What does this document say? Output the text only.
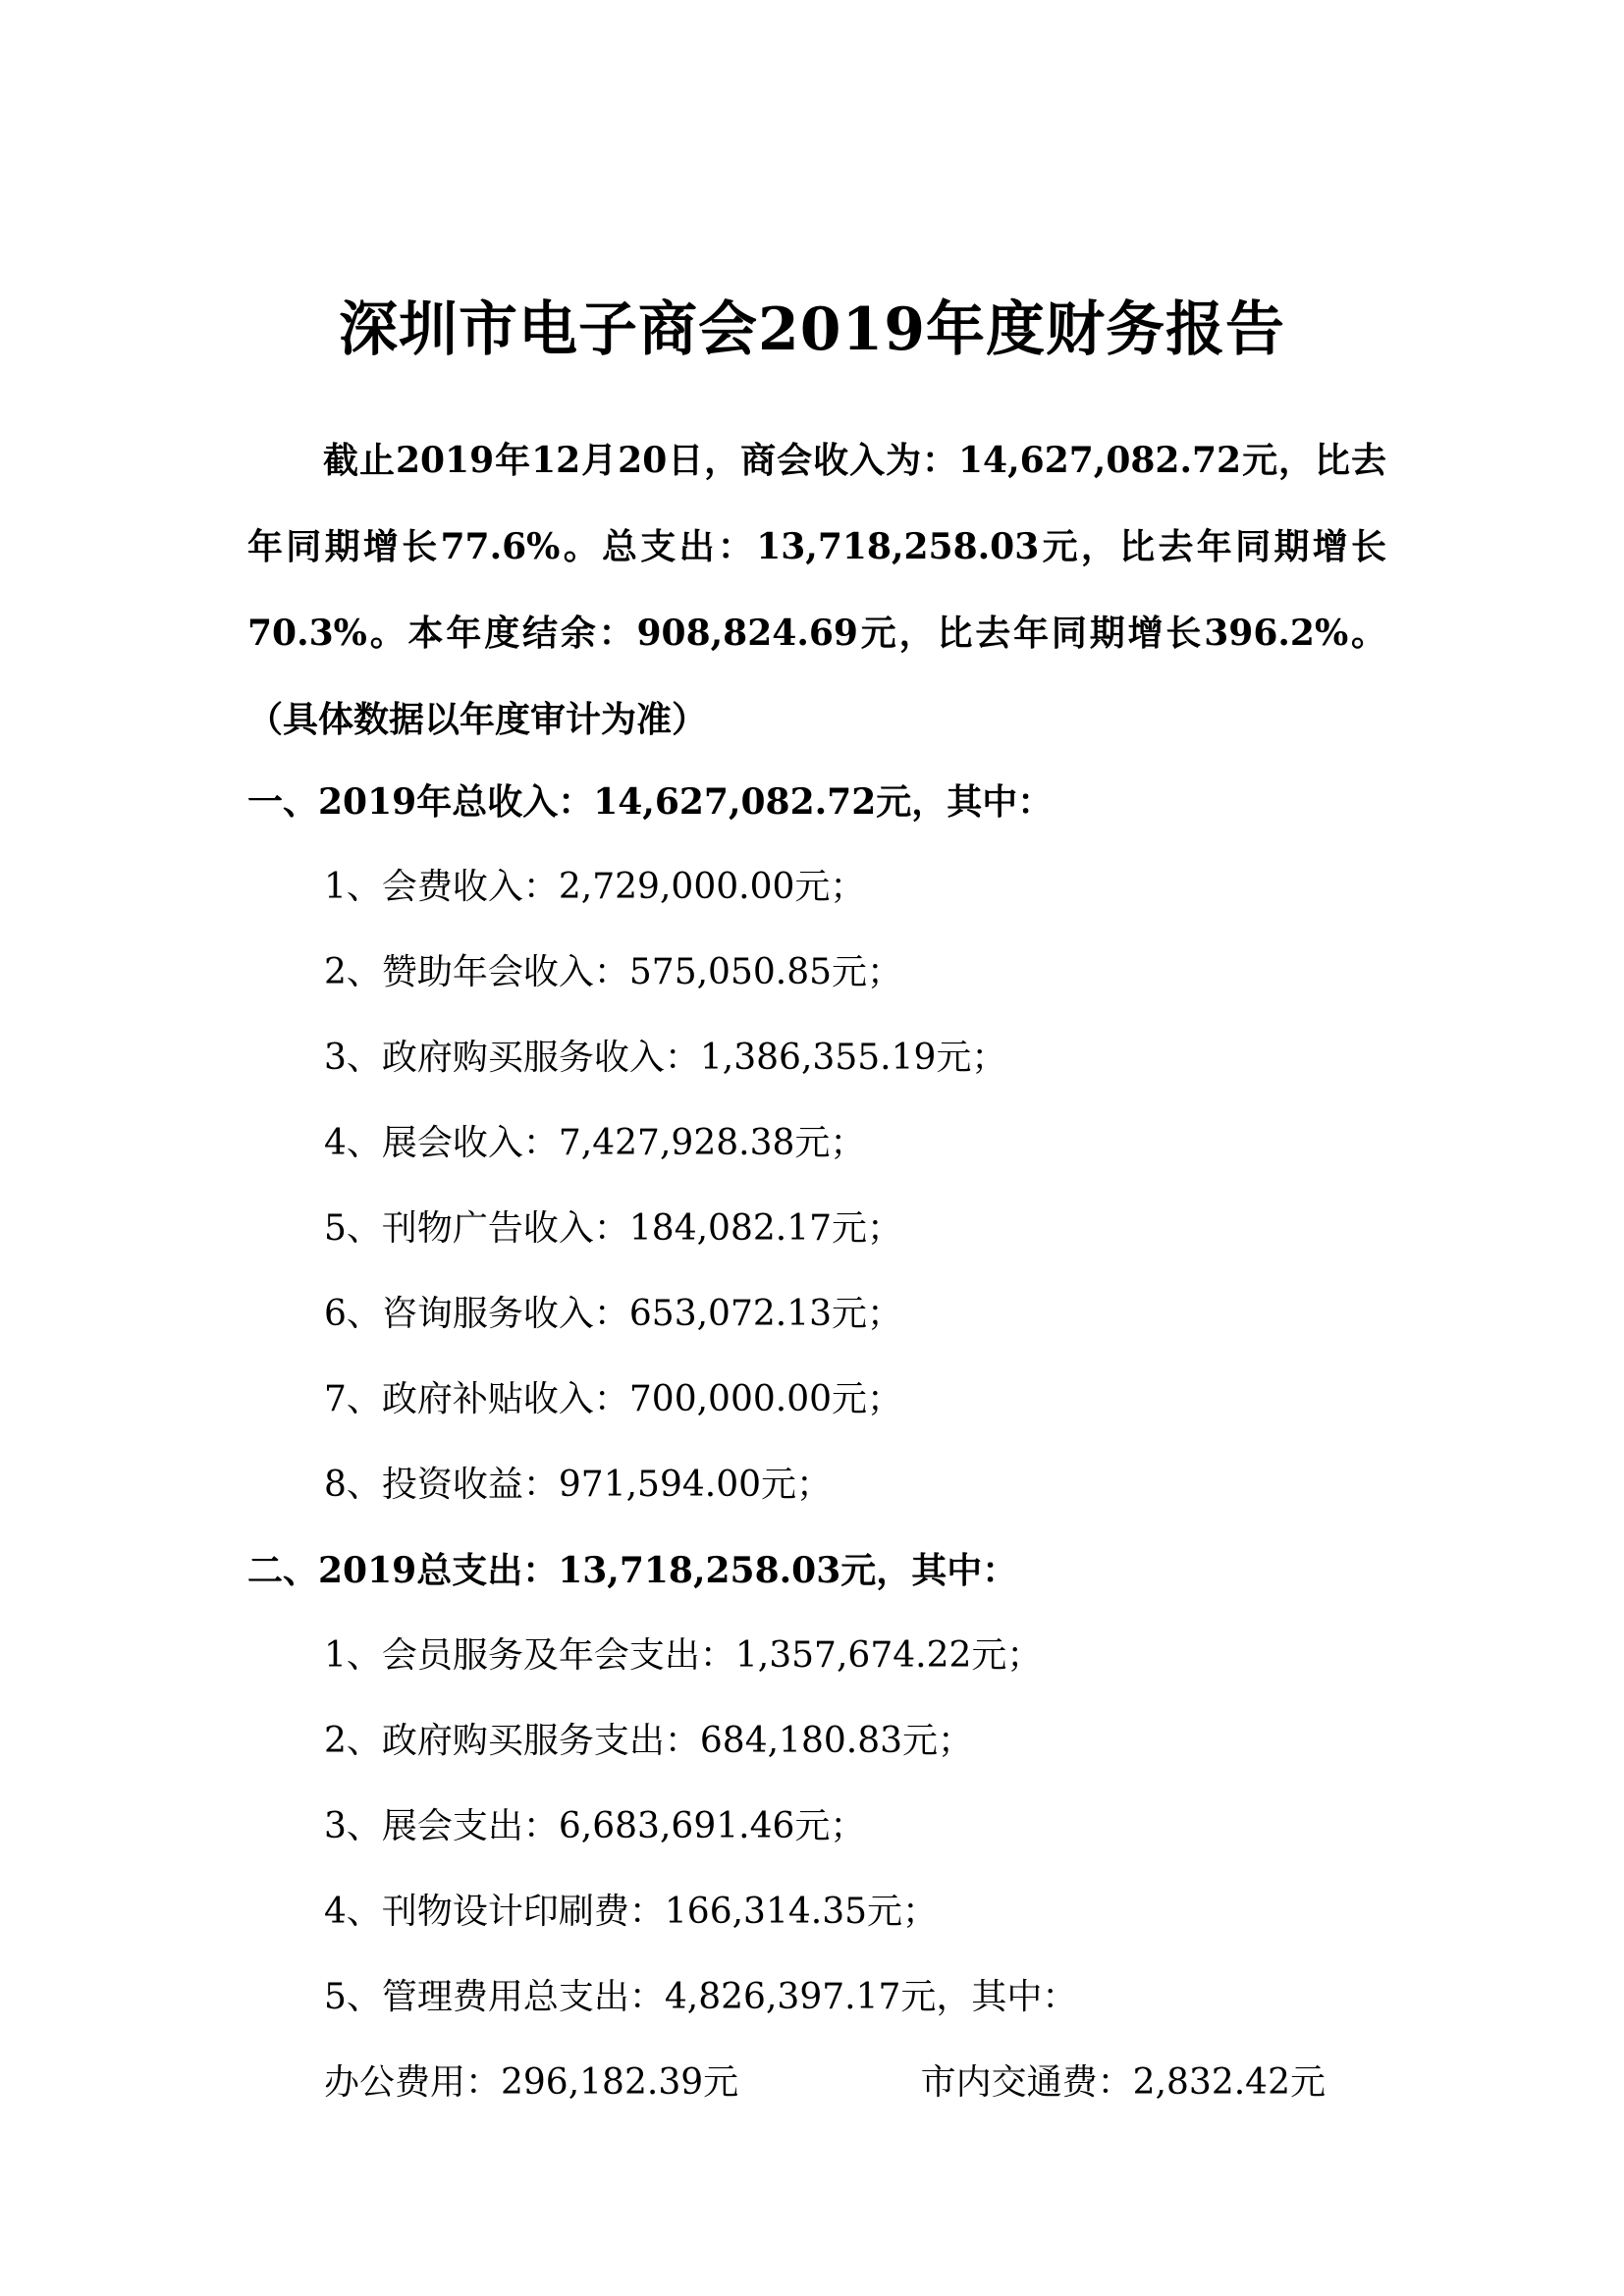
深圳市电子商会2019年度财务报告
截止2019年12月20日，商会收入为：14,627,082.72元，比去年同期增长77.6%。总支出：13,718,258.03元，比去年同期增长70.3%。本年度结余：908,824.69元，比去年同期增长396.2%。（具体数据以年度审计为准）
一、2019年总收入：14,627,082.72元，其中：
1、会费收入：2,729,000.00元；
2、赞助年会收入：575,050.85元；
3、政府购买服务收入：1,386,355.19元；
4、展会收入：7,427,928.38元；
5、刊物广告收入：184,082.17元；
6、咨询服务收入：653,072.13元；
7、政府补贴收入：700,000.00元；
8、投资收益：971,594.00元；
二、2019总支出：13,718,258.03元，其中：
1、会员服务及年会支出：1,357,674.22元；
2、政府购买服务支出：684,180.83元；
3、展会支出：6,683,691.46元；
4、刊物设计印刷费：166,314.35元；
5、管理费用总支出：4,826,397.17元，其中：
办公费用：296,182.39元	市内交通费：2,832.42元
